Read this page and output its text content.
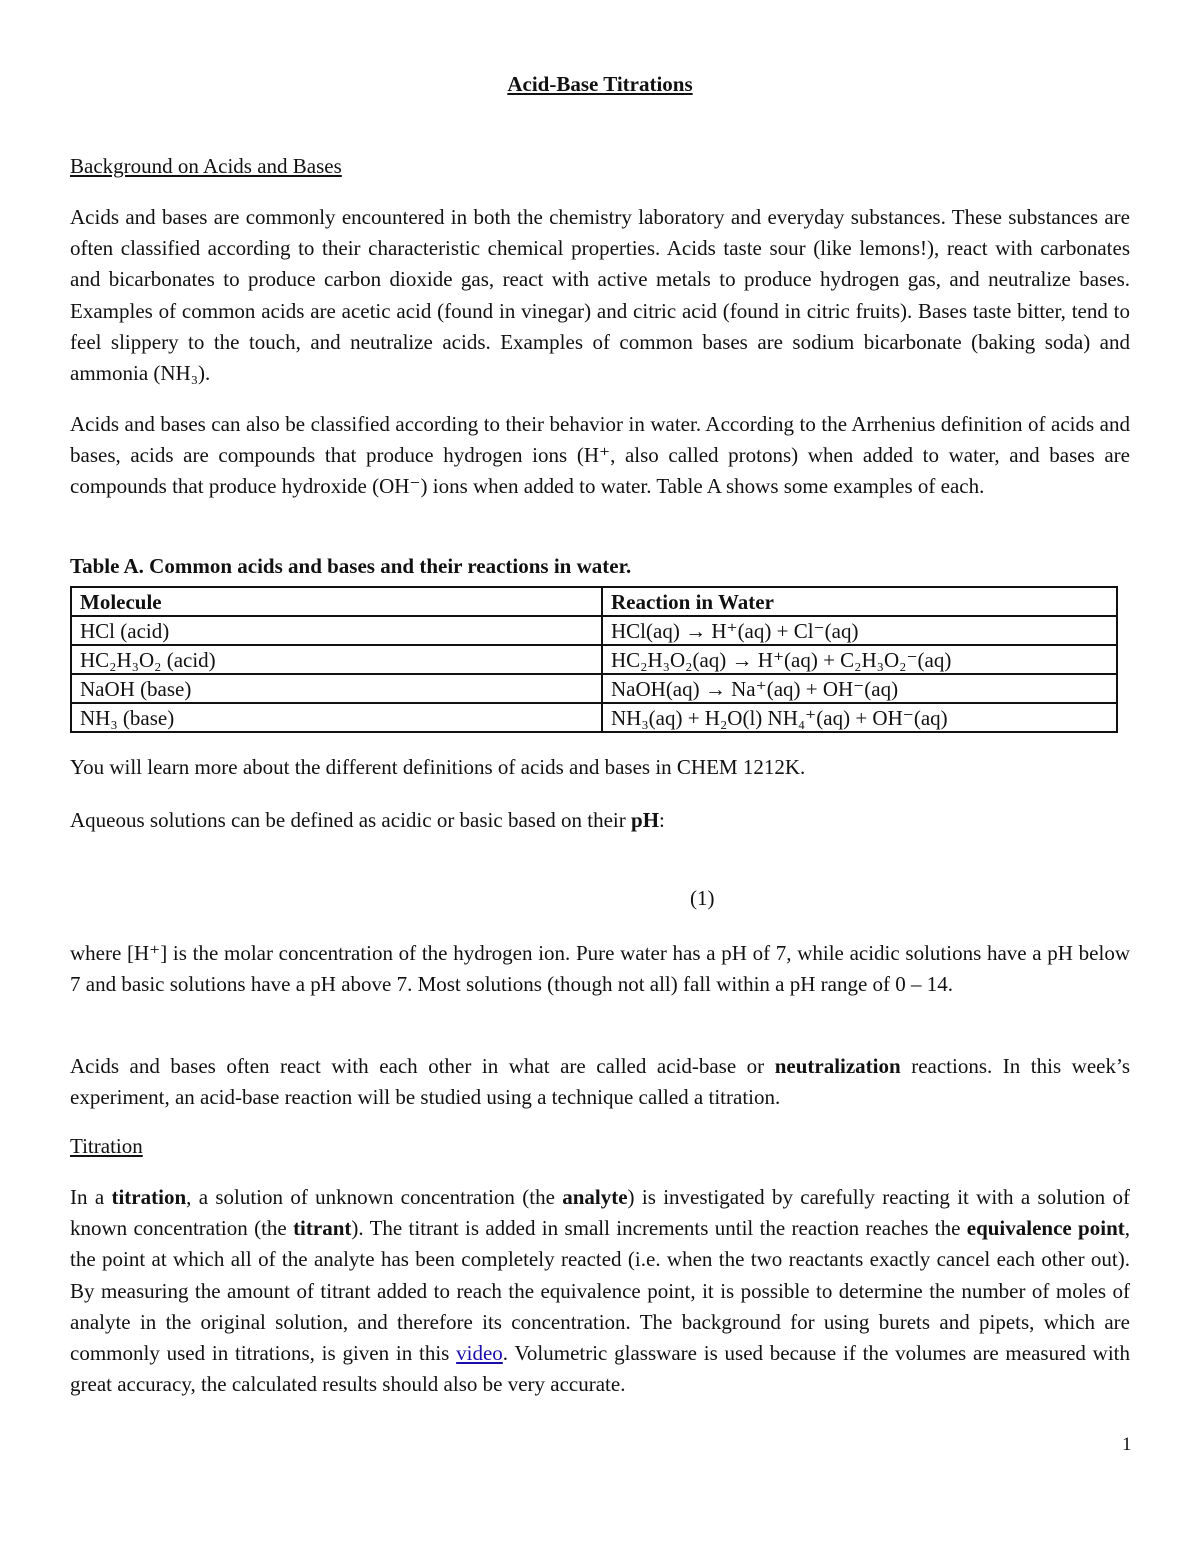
Acid-Base Titrations
Background on Acids and Bases

Acids and bases are commonly encountered in both the chemistry laboratory and everyday substances. These substances are often classified according to their characteristic chemical properties. Acids taste sour (like lemons!), react with carbonates and bicarbonates to produce carbon dioxide gas, react with active metals to produce hydrogen gas, and neutralize bases. Examples of common acids are acetic acid (found in vinegar) and citric acid (found in citric fruits). Bases taste bitter, tend to feel slippery to the touch, and neutralize acids. Examples of common bases are sodium bicarbonate (baking soda) and ammonia (NH₃).

Acids and bases can also be classified according to their behavior in water. According to the Arrhenius definition of acids and bases, acids are compounds that produce hydrogen ions (H⁺, also called protons) when added to water, and bases are compounds that produce hydroxide (OH⁻) ions when added to water. Table A shows some examples of each.

Table A. Common acids and bases and their reactions in water.
Molecule	Reaction in Water
HCl (acid)	HCl(aq) → H⁺(aq) + Cl⁻(aq)
HC₂H₃O₂ (acid)	HC₂H₃O₂(aq) → H⁺(aq) + C₂H₃O₂⁻(aq)
NaOH (base)	NaOH(aq) → Na⁺(aq) + OH⁻(aq)
NH₃ (base)	NH₃(aq) + H₂O(l) NH₄⁺(aq) + OH⁻(aq)

You will learn more about the different definitions of acids and bases in CHEM 1212K.

Aqueous solutions can be defined as acidic or basic based on their pH:

(1)

where [H⁺] is the molar concentration of the hydrogen ion. Pure water has a pH of 7, while acidic solutions have a pH below 7 and basic solutions have a pH above 7. Most solutions (though not all) fall within a pH range of 0 – 14.

Acids and bases often react with each other in what are called acid-base or neutralization reactions. In this week’s experiment, an acid-base reaction will be studied using a technique called a titration.

Titration

In a titration, a solution of unknown concentration (the analyte) is investigated by carefully reacting it with a solution of known concentration (the titrant). The titrant is added in small increments until the reaction reaches the equivalence point, the point at which all of the analyte has been completely reacted (i.e. when the two reactants exactly cancel each other out). By measuring the amount of titrant added to reach the equivalence point, it is possible to determine the number of moles of analyte in the original solution, and therefore its concentration. The background for using burets and pipets, which are commonly used in titrations, is given in this video. Volumetric glassware is used because if the volumes are measured with great accuracy, the calculated results should also be very accurate.

1
